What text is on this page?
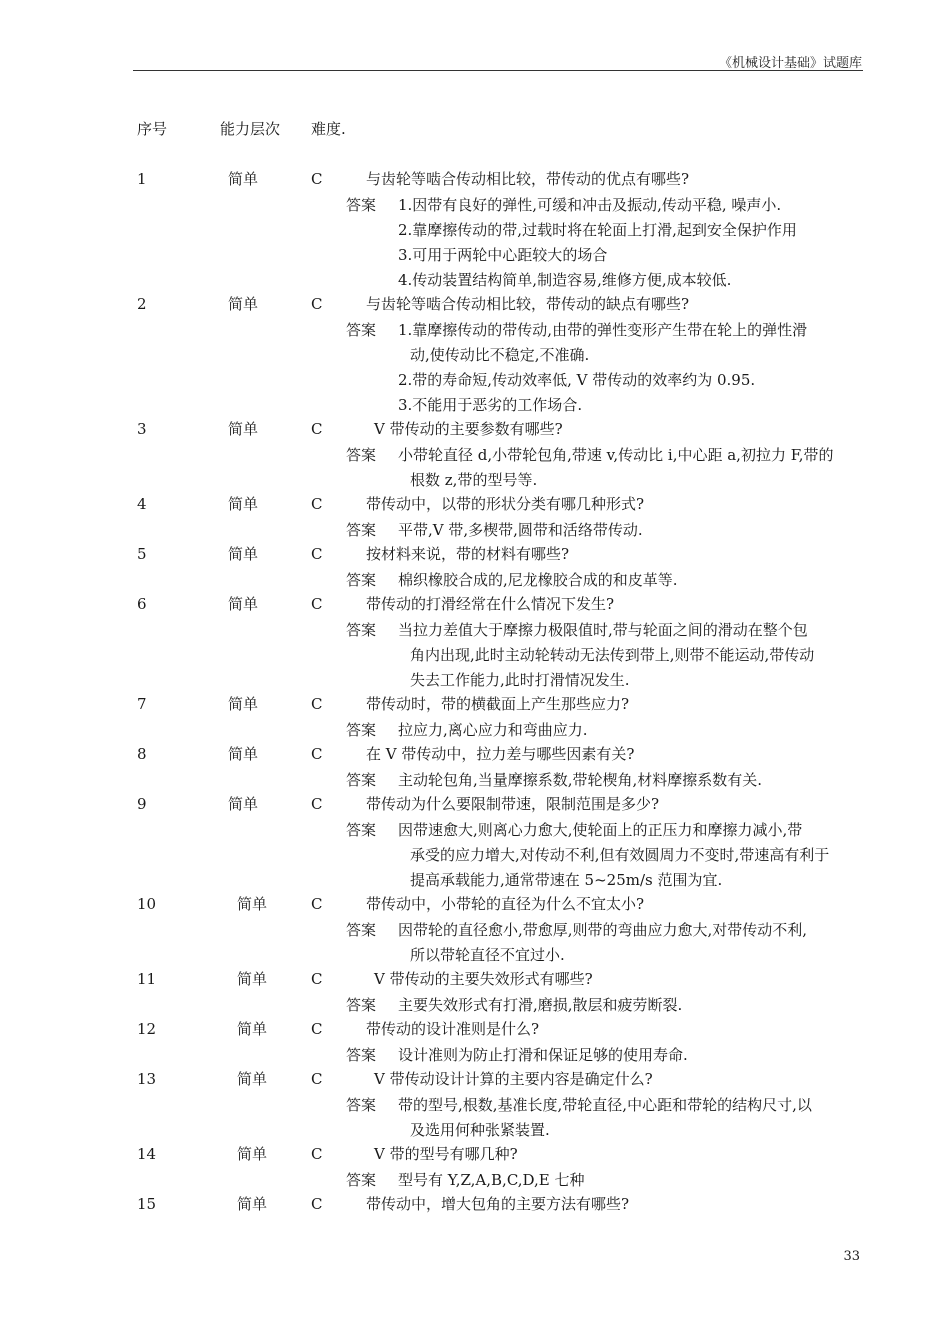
《机械设计基础》试题库
序号	能力层次 难度.
1	简单	C	与齿轮等啮合传动相比较，带传动的优点有哪些?
答案 1.因带有良好的弹性,可缓和冲击及振动,传动平稳, 噪声小.
2.靠摩擦传动的带,过载时将在轮面上打滑,起到安全保护作用
3.可用于两轮中心距较大的场合
4.传动装置结构简单,制造容易,维修方便,成本较低.
2	简单	C	与齿轮等啮合传动相比较，带传动的缺点有哪些?
答案 1.靠摩擦传动的带传动,由带的弹性变形产生带在轮上的弹性滑
动,使传动比不稳定,不准确.
2.带的寿命短,传动效率低, V 带传动的效率约为 0.95.
3.不能用于恶劣的工作场合.
3	简单	C	V 带传动的主要参数有哪些?
答案 小带轮直径 d,小带轮包角,带速 v,传动比 i,中心距 a,初拉力 F,带的
根数 z,带的型号等.
4	简单	C	带传动中，以带的形状分类有哪几种形式?
答案 平带,V 带,多楔带,圆带和活络带传动.
5	简单	C	按材料来说，带的材料有哪些?
答案 棉织橡胶合成的,尼龙橡胶合成的和皮革等.
6	简单	C	带传动的打滑经常在什么情况下发生?
答案 当拉力差值大于摩擦力极限值时,带与轮面之间的滑动在整个包
角内出现,此时主动轮转动无法传到带上,则带不能运动,带传动
失去工作能力,此时打滑情况发生.
7	简单	C	带传动时，带的横截面上产生那些应力?
答案 拉应力,离心应力和弯曲应力.
8	简单	C	在 V 带传动中，拉力差与哪些因素有关?
答案 主动轮包角,当量摩擦系数,带轮楔角,材料摩擦系数有关.
9	简单	C	带传动为什么要限制带速，限制范围是多少?
答案 因带速愈大,则离心力愈大,使轮面上的正压力和摩擦力减小,带
承受的应力增大,对传动不利,但有效圆周力不变时,带速高有利于
提高承载能力,通常带速在 5~25m/s 范围为宜.
10	简单	C	带传动中，小带轮的直径为什么不宜太小?
答案 因带轮的直径愈小,带愈厚,则带的弯曲应力愈大,对带传动不利,
所以带轮直径不宜过小.
11	简单	C	V 带传动的主要失效形式有哪些?
答案 主要失效形式有打滑,磨损,散层和疲劳断裂.
12	简单	C	带传动的设计准则是什么?
答案 设计准则为防止打滑和保证足够的使用寿命.
13	简单	C	V 带传动设计计算的主要内容是确定什么?
答案 带的型号,根数,基准长度,带轮直径,中心距和带轮的结构尺寸,以
及选用何种张紧装置.
14	简单	C	V 带的型号有哪几种?
答案 型号有 Y,Z,A,B,C,D,E 七种
15	简单	C	带传动中，增大包角的主要方法有哪些?
33
